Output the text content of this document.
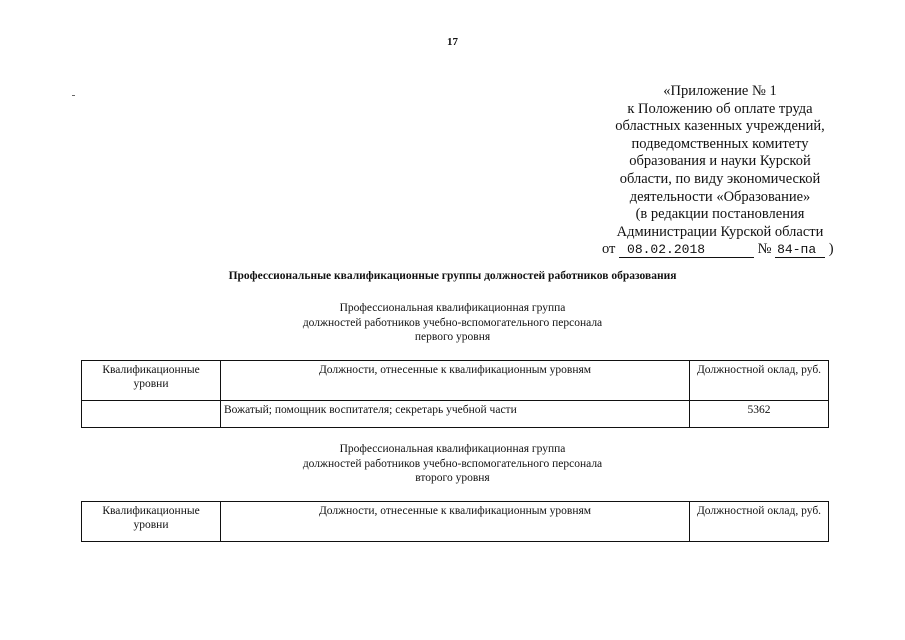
17
«Приложение № 1
к Положению об оплате труда
областных казенных учреждений,
подведомственных комитету
образования и науки Курской
области, по виду экономической
деятельности «Образование»
(в редакции постановления
Администрации Курской области
от 08.02.2018	№ 84-па )
Профессиональные квалификационные группы должностей работников образования
Профессиональная квалификационная группа
должностей работников учебно-вспомогательного персонала
первого уровня
Квалификационные уровни	Должности, отнесенные к квалификационным уровням	Должностной оклад, руб.
	Вожатый; помощник воспитателя; секретарь учебной части	5362
Профессиональная квалификационная группа
должностей работников учебно-вспомогательного персонала
второго уровня
Квалификационные уровни	Должности, отнесенные к квалификационным уровням	Должностной оклад, руб.
